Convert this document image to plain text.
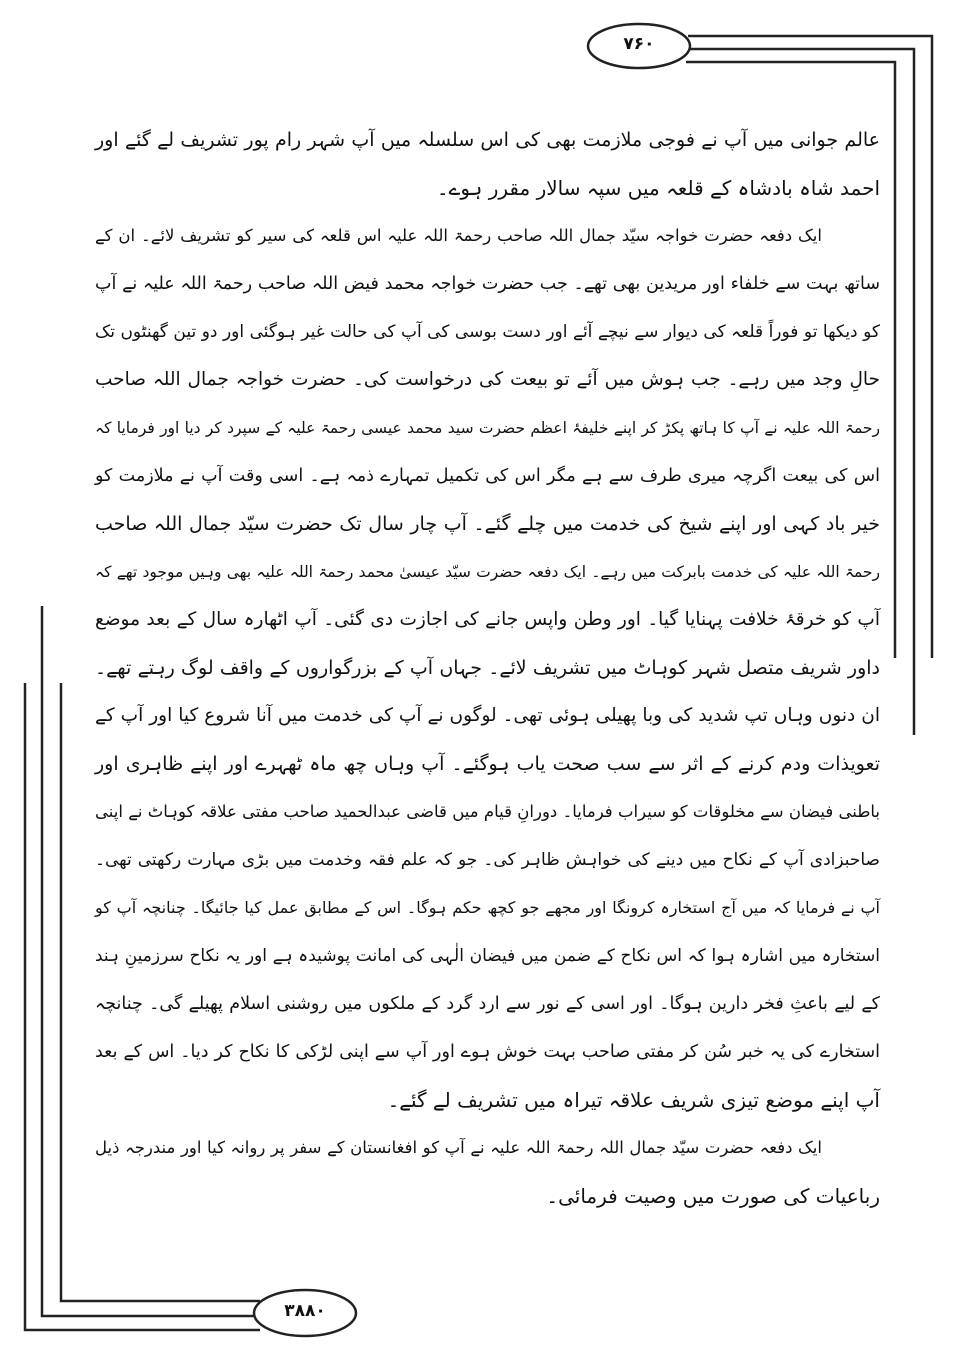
۷۶۰
۳۸۸۰
عالم جوانی میں آپ نے فوجی ملازمت بھی کی اس سلسلہ میں آپ شہر رام پور تشریف لے گئے اور
احمد شاہ بادشاہ کے قلعہ میں سپہ سالار مقرر ہوے۔
ایک دفعہ حضرت خواجہ سیّد جمال اللہ صاحب رحمۃ اللہ علیہ اس قلعہ کی سیر کو تشریف لائے۔ ان کے
ساتھ بہت سے خلفاء اور مریدین بھی تھے۔ جب حضرت خواجہ محمد فیض اللہ صاحب رحمۃ اللہ علیہ نے آپ
کو دیکھا تو فوراً قلعہ کی دیوار سے نیچے آئے اور دست بوسی کی آپ کی حالت غیر ہوگئی اور دو تین گھنٹوں تک
حالِ وجد میں رہے۔ جب ہوش میں آئے تو بیعت کی درخواست کی۔ حضرت خواجہ جمال اللہ صاحب
رحمۃ اللہ علیہ نے آپ کا ہاتھ پکڑ کر اپنے خلیفۂ اعظم حضرت سید محمد عیسی رحمۃ علیہ کے سپرد کر دیا اور فرمایا کہ
اس کی بیعت اگرچہ میری طرف سے ہے مگر اس کی تکمیل تمہارے ذمہ ہے۔ اسی وقت آپ نے ملازمت کو
خیر باد کہی اور اپنے شیخ کی خدمت میں چلے گئے۔ آپ چار سال تک حضرت سیّد جمال اللہ صاحب
رحمۃ اللہ علیہ کی خدمت بابرکت میں رہے۔ ایک دفعہ حضرت سیّد عیسیٰ محمد رحمۃ اللہ علیہ بھی وہیں موجود تھے کہ
آپ کو خرقۂ خلافت پہنایا گیا۔ اور وطن واپس جانے کی اجازت دی گئی۔ آپ اٹھارہ سال کے بعد موضع
داور شریف متصل شہر کوہاٹ میں تشریف لائے۔ جہاں آپ کے بزرگواروں کے واقف لوگ رہتے تھے۔
ان دنوں وہاں تپ شدید کی وبا پھیلی ہوئی تھی۔ لوگوں نے آپ کی خدمت میں آنا شروع کیا اور آپ کے
تعویذات ودم کرنے کے اثر سے سب صحت یاب ہوگئے۔ آپ وہاں چھ ماہ ٹھہرے اور اپنے ظاہری اور
باطنی فیضان سے مخلوقات کو سیراب فرمایا۔ دورانِ قیام میں قاضی عبدالحمید صاحب مفتی علاقہ کوہاٹ نے اپنی
صاحبزادی آپ کے نکاح میں دینے کی خواہش ظاہر کی۔ جو کہ علم فقہ وخدمت میں بڑی مہارت رکھتی تھی۔
آپ نے فرمایا کہ میں آج استخارہ کرونگا اور مجھے جو کچھ حکم ہوگا۔ اس کے مطابق عمل کیا جائیگا۔ چنانچہ آپ کو
استخارہ میں اشارہ ہوا کہ اس نکاح کے ضمن میں فیضان الٰہی کی امانت پوشیدہ ہے اور یہ نکاح سرزمینِ ہند
کے لیے باعثِ فخر دارین ہوگا۔ اور اسی کے نور سے ارد گرد کے ملکوں میں روشنی اسلام پھیلے گی۔ چنانچہ
استخارے کی یہ خبر سُن کر مفتی صاحب بہت خوش ہوے اور آپ سے اپنی لڑکی کا نکاح کر دیا۔ اس کے بعد
آپ اپنے موضع تیزی شریف علاقہ تیراہ میں تشریف لے گئے۔
ایک دفعہ حضرت سیّد جمال اللہ رحمۃ اللہ علیہ نے آپ کو افغانستان کے سفر پر روانہ کیا اور مندرجہ ذیل
رباعیات کی صورت میں وصیت فرمائی۔
